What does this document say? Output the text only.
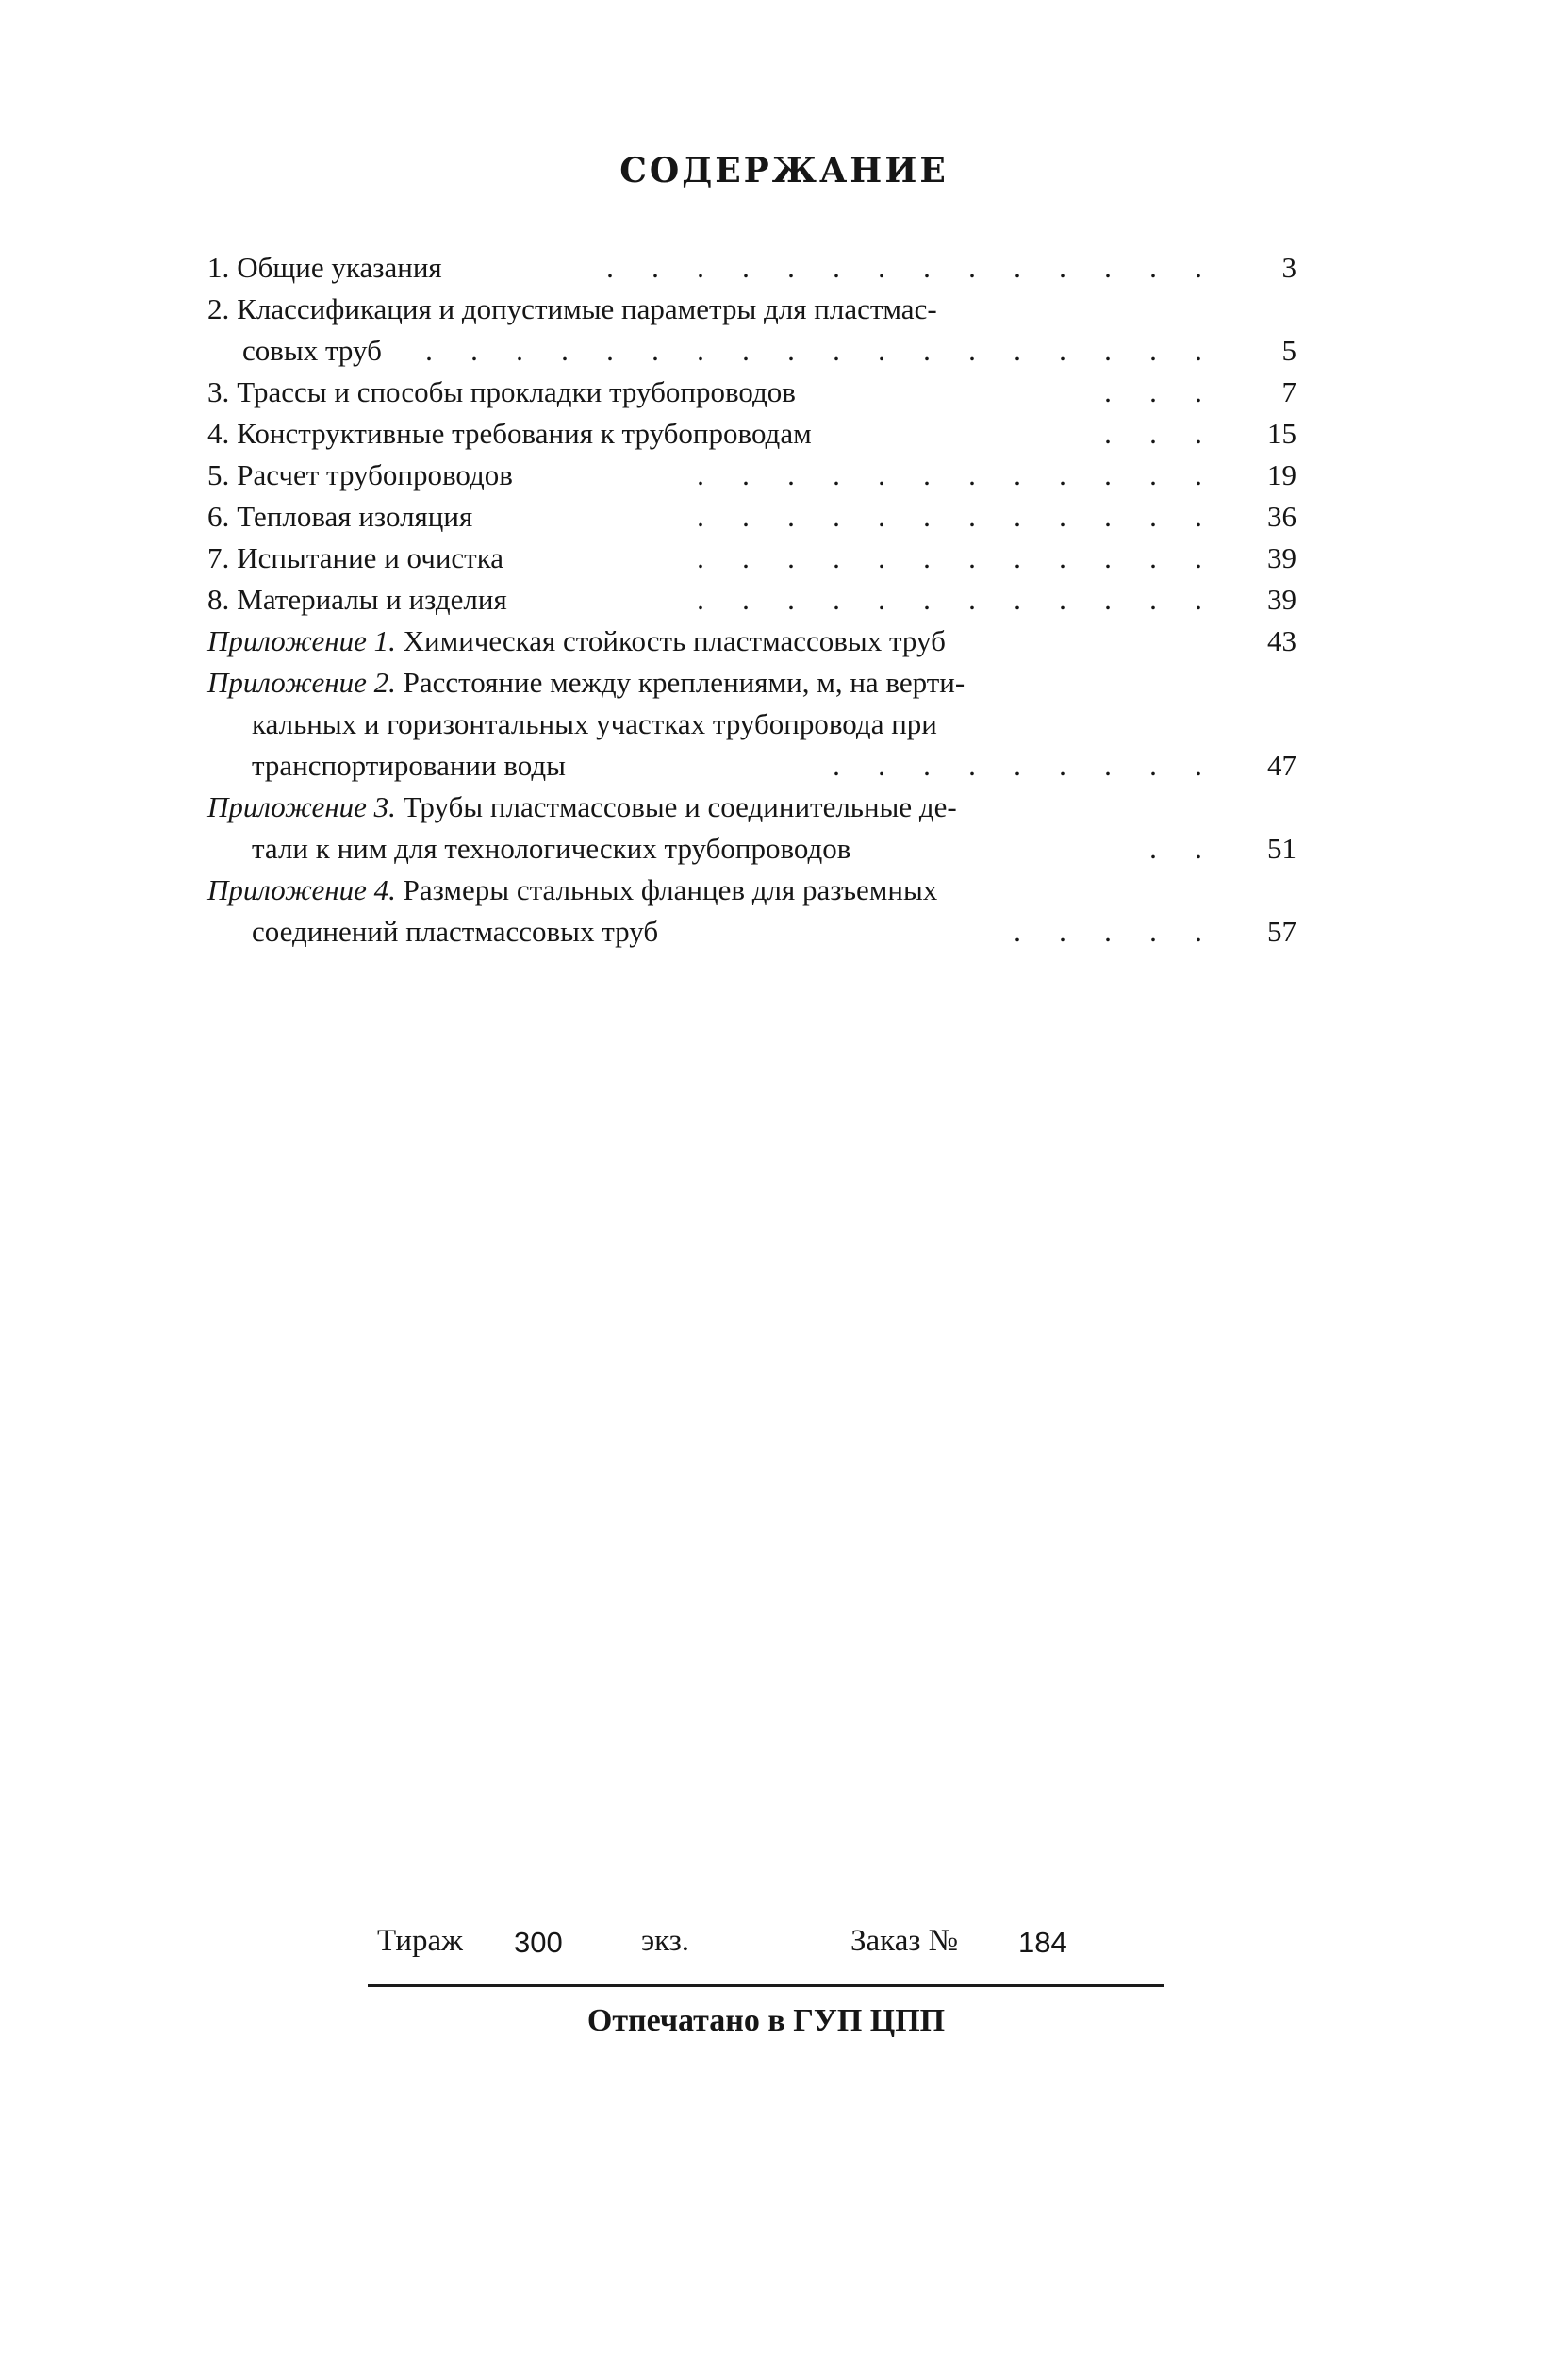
СОДЕРЖАНИЕ
1. Общие указания	. . . . . . . . . . . . . .	3
2. Классификация и допустимые параметры для пластмас-
совых труб	. . . . . . . . . . . . . . . . . .	5
3. Трассы и способы прокладки трубопроводов	. . .	7
4. Конструктивные требования к трубопроводам	. . .	15
5. Расчет трубопроводов	. . . . . . . . . . . .	19
6. Тепловая изоляция	. . . . . . . . . . . .	36
7. Испытание и очистка	. . . . . . . . . . . .	39
8. Материалы и изделия	. . . . . . . . . . . .	39
Приложение 1. Химическая стойкость пластмассовых труб	43
Приложение 2. Расстояние между креплениями, м, на верти-
кальных и горизонтальных участках трубопровода при
транспортировании воды	. . . . . . . . .	47
Приложение 3. Трубы пластмассовые и соединительные де-
тали к ним для технологических трубопроводов	. .	51
Приложение 4. Размеры стальных фланцев для разъемных
соединений пластмассовых труб	. . . . .	57
Тираж 300	экз.	Заказ № 184
Отпечатано в ГУП ЦПП
